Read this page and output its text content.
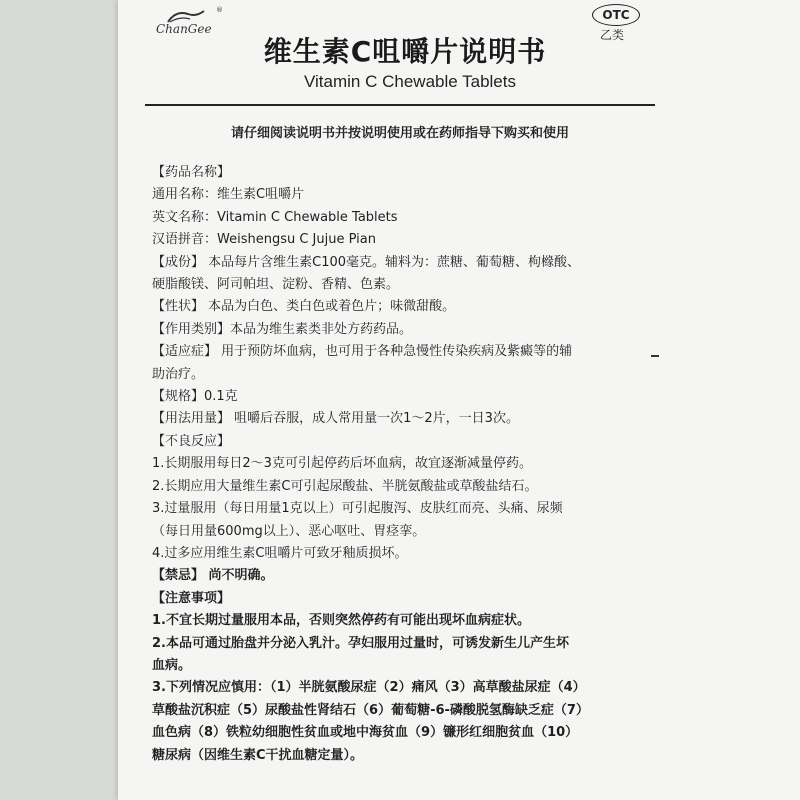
®
ChanGee
OTC
乙类
维生素C咀嚼片说明书
Vitamin C Chewable Tablets
请仔细阅读说明书并按说明使用或在药师指导下购买和使用

【药品名称】

通用名称：维生素C咀嚼片

英文名称：Vitamin C Chewable Tablets

汉语拼音：Weishengsu C Jujue Pian

【成份】 本品每片含维生素C100毫克。辅料为：蔗糖、葡萄糖、枸橼酸、

硬脂酸镁、阿司帕坦、淀粉、香精、色素。

【性状】 本品为白色、类白色或着色片；味微甜酸。

【作用类别】本品为维生素类非处方药药品。

【适应症】 用于预防坏血病，也可用于各种急慢性传染疾病及紫癜等的辅

助治疗。

【规格】0.1克

【用法用量】 咀嚼后吞服，成人常用量一次1～2片，一日3次。

【不良反应】

1.长期服用每日2～3克可引起停药后坏血病，故宜逐渐减量停药。

2.长期应用大量维生素C可引起尿酸盐、半胱氨酸盐或草酸盐结石。

3.过量服用（每日用量1克以上）可引起腹泻、皮肤红而亮、头痛、尿频

（每日用量600mg以上）、恶心呕吐、胃痉挛。

4.过多应用维生素C咀嚼片可致牙釉质损坏。

【禁忌】 尚不明确。

【注意事项】

1.不宜长期过量服用本品，否则突然停药有可能出现坏血病症状。

2.本品可通过胎盘并分泌入乳汁。孕妇服用过量时，可诱发新生儿产生坏

血病。

3.下列情况应慎用：（1）半胱氨酸尿症（2）痛风（3）高草酸盐尿症（4）

草酸盐沉积症（5）尿酸盐性肾结石（6）葡萄糖-6-磷酸脱氢酶缺乏症（7）

血色病（8）铁粒幼细胞性贫血或地中海贫血（9）镰形红细胞贫血（10）

糖尿病（因维生素C干扰血糖定量）。
